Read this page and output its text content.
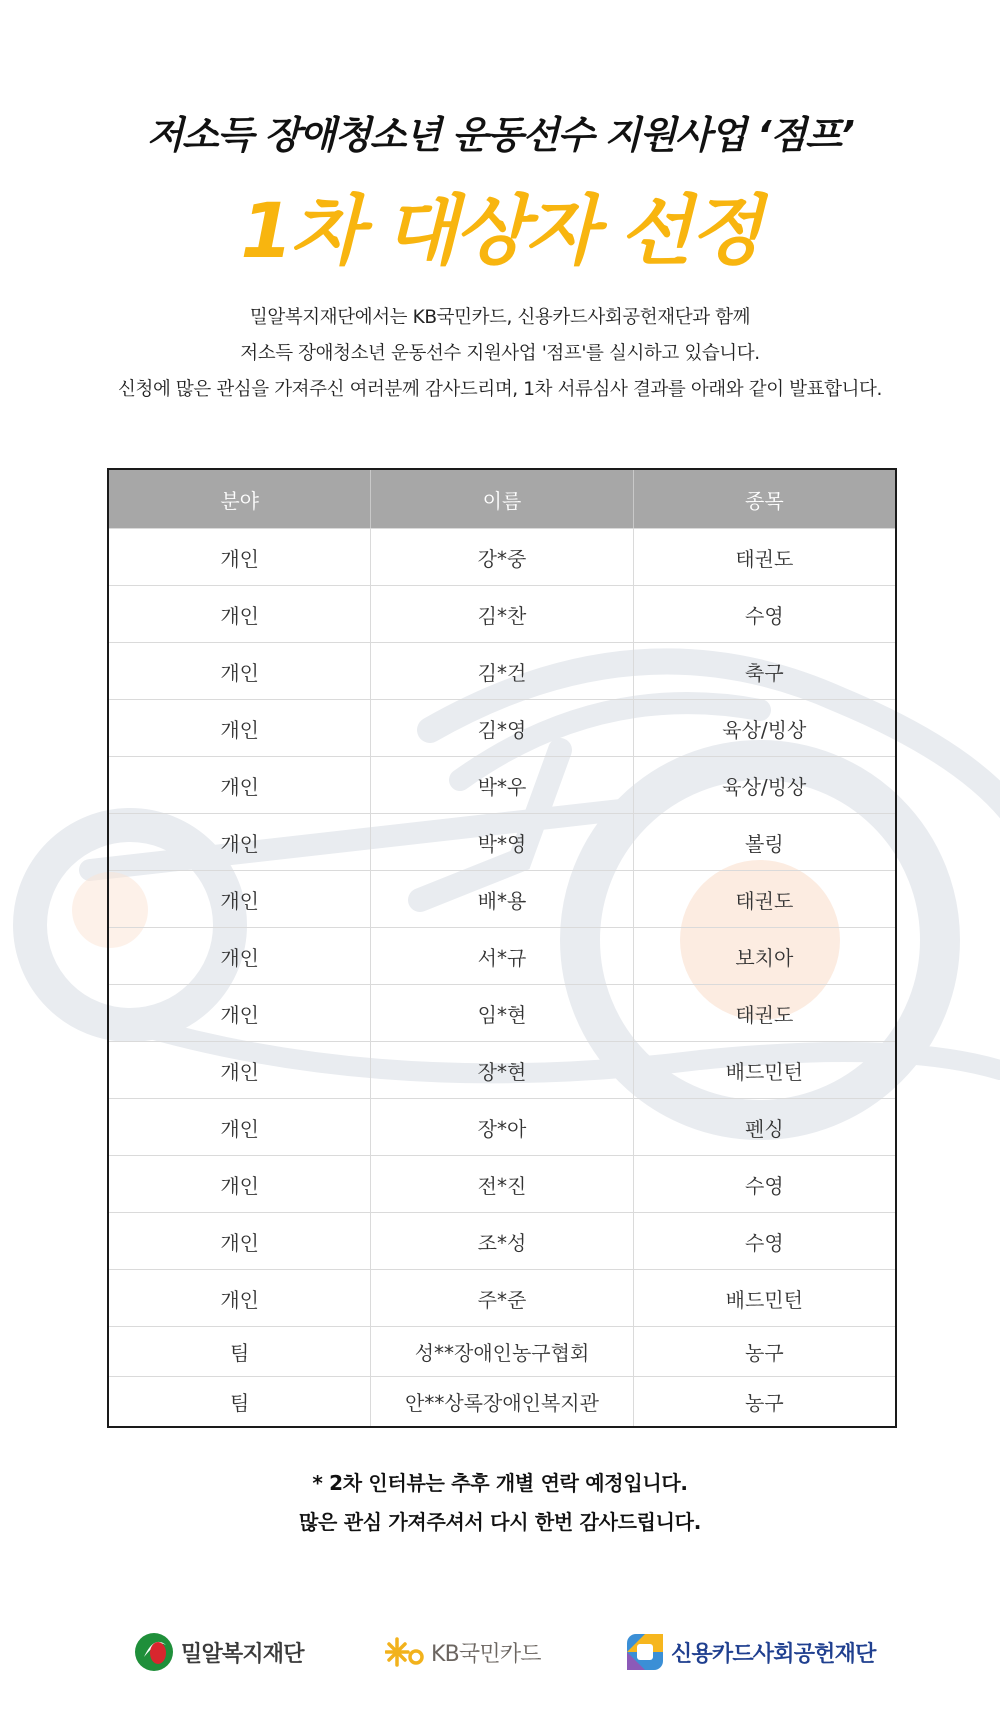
저소득 장애청소년 운동선수 지원사업 ‘점프’
1차 대상자 선정
밀알복지재단에서는 KB국민카드, 신용카드사회공헌재단과 함께
저소득 장애청소년 운동선수 지원사업 '점프'를 실시하고 있습니다.
신청에 많은 관심을 가져주신 여러분께 감사드리며, 1차 서류심사 결과를 아래와 같이 발표합니다.
분야	이름	종목
개인	강*중	태권도
개인	김*찬	수영
개인	김*건	축구
개인	김*영	육상/빙상
개인	박*우	육상/빙상
개인	박*영	볼링
개인	배*용	태권도
개인	서*규	보치아
개인	임*현	태권도
개인	장*현	배드민턴
개인	장*아	펜싱
개인	전*진	수영
개인	조*성	수영
개인	주*준	배드민턴
팀	성**장애인농구협회	농구
팀	안**상록장애인복지관	농구
* 2차 인터뷰는 추후 개별 연락 예정입니다.
많은 관심 가져주셔서 다시 한번 감사드립니다.
밀알복지재단	KB국민카드	신용카드사회공헌재단
